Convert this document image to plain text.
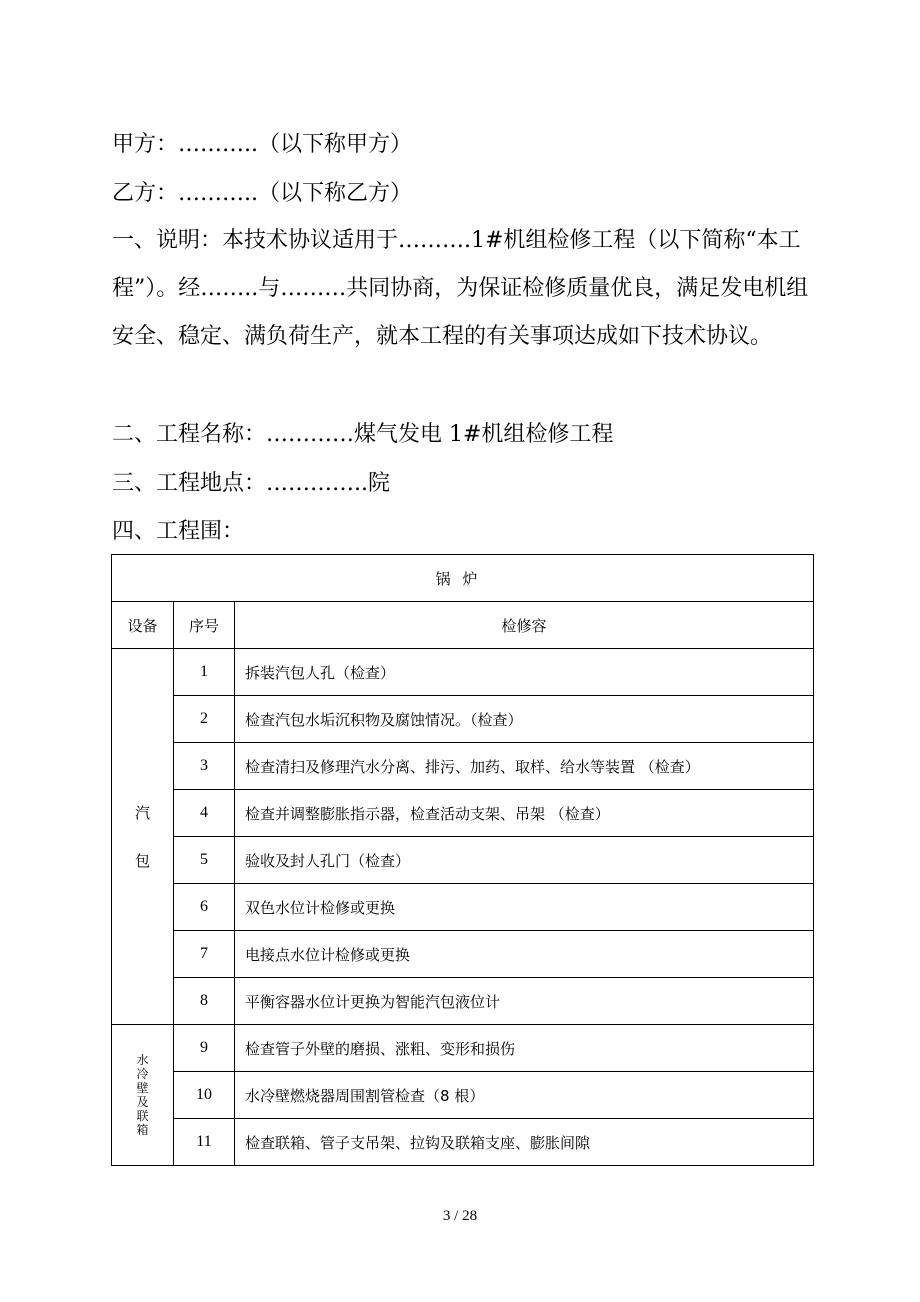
甲方：………..（以下称甲方）
乙方：………..（以下称乙方）
一、说明：本技术协议适用于……….1#机组检修工程（以下简称“本工程”）。经……..与………共同协商，为保证检修质量优良，满足发电机组安全、稳定、满负荷生产，就本工程的有关事项达成如下技术协议。
二、工程名称：…………煤气发电 1#机组检修工程
三、工程地点：…………..院
四、工程围：
锅炉		
设备	序号	检修容
汽包	1	拆装汽包人孔（检查）
	2	检查汽包水垢沉积物及腐蚀情况。（检查）
	3	检查清扫及修理汽水分离、排污、加药、取样、给水等装置 （检查）
	4	检查并调整膨胀指示器，检查活动支架、吊架 （检查）
	5	验收及封人孔门（检查）
	6	双色水位计检修或更换
	7	电接点水位计检修或更换
	8	平衡容器水位计更换为智能汽包液位计
水冷壁及联箱	9	检查管子外壁的磨损、涨粗、变形和损伤
	10	水冷壁燃烧器周围割管检查（8 根）
	11	检查联箱、管子支吊架、拉钩及联箱支座、膨胀间隙
3 / 28
